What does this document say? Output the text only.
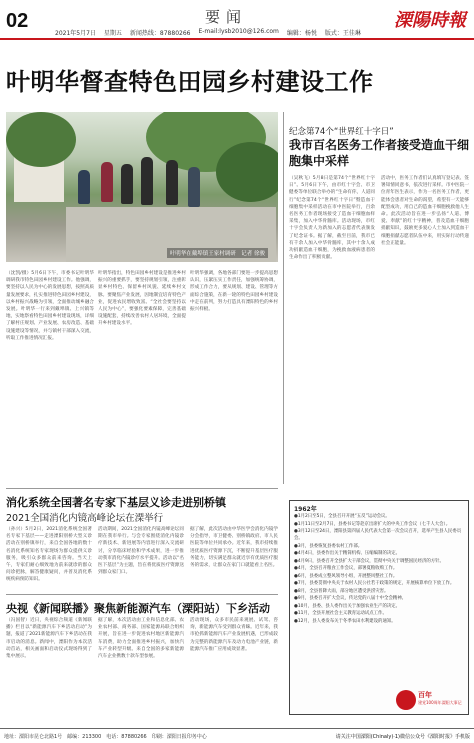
02	要闻	溧陽時報
2021年5月7日 星期五 新闻热线：87880266 E-mail:lysb2010@126.com 编辑：杨悦 版式：王佳琳
叶明华督查特色田园乡村建设工作
叶明华在戴埠镇王家村调研　记者 徐骏
（沈凯/摄）5月6日下午，市委书记叶明华调研我市特色田园乡村建设工作。他强调，要坚持以人民为中心的发展思想，按照高质量发展要求，扎实推进特色田园乡村建设，以乡村振兴战略为引领，全面推动城乡融合发展。叶明华一行来到戴埠镇、上兴镇等地，实地察看特色田园乡村建设现场，详细了解村庄规划、产业发展、农房改造、基础设施建设等情况，并与镇村干部深入交流，听取工作推进情况汇报。
叶明华指出，特色田园乡村建设是推进乡村振兴的重要抓手，要坚持规划引领，注重彰显乡村特色、保留乡村风貌、延续乡村文脉。要聚焦产业发展，因地制宜培育特色产业，促进农民增收致富。“全社会要坚持以人民为中心”，要强化要素保障，完善基础设施配套，持续改善农村人居环境，全面提升乡村建设水平。
叶明华强调，各地各部门要进一步提高思想认识，压紧压实工作责任，加强统筹协调，形成工作合力，要从规划、建设、管理等方面综合施策，在新一轮的特色田园乡村建设中走在前列，努力打造具有溧阳特色的乡村振兴样板。
纪念第74个“世界红十字日”
我市百名医务工作者接受造血干细胞集中采样
（吴秋飞）5月8日是第74个“世界红十字日”。5月6日下午，由市红十字会、市卫健委等单位联合举办的“生命有你，人道同行”纪念第74个“世界红十字日”暨造血干细胞集中采样活动在市中医院举行，百余名医务工作者现场接受了造血干细胞血样采集，加入中华骨髓库。活动现场，市红十字会负责人为新加入的志愿者代表颁发了纪念证书。据了解，截至目前，我市已有千余人加入中华骨髓库，其中十余人成功捐献造血干细胞，为挽救血液病患者的生命作出了积极贡献。
活动中，医务工作者们认真填写登记表、签署知情同意书，依次进行采样。市中医院一位青年医生表示，作为一名医务工作者，更能体会患者对生命的渴望，希望有一天能够配型成功，用自己的造血干细胞挽救他人生命。此次活动旨在进一步弘扬“人道、博爱、奉献”的红十字精神，普及造血干细胞捐献知识，鼓励更多爱心人士加入到造血干细胞捐献志愿者队伍中来，用实际行动传递社会正能量。
消化系统全国著名专家下基层义诊走进别桥镇
2021全国消化内镜高峰论坛在溧举行
（孙兴）5月2日，2021消化系统全国著名专家下基层——走进溧阳别桥大型义诊活动在别桥镇举行，来自全国各地的数十名消化系统知名专家现场为群众提供义诊服务，吸引众多群众前来咨询。当天上午，专家们耐心细致地为前来就诊的群众问诊把脉，解答健康疑问，并普及消化系统疾病预防知识。
活动期间，2021全国消化内镜高峰论坛同期在我市举行。与会专家围绕消化内镜诊疗新技术、新进展等内容进行深入交流研讨，分享临床经验和学术成果，进一步推动我市消化内镜诊疗水平提升。活动以“名医下基层”为主题，旨在将优质医疗资源送到群众家门口。
据了解，此次活动由中华医学会消化内镜学分会指导，市卫健委、别桥镇政府、市人民医院等单位共同承办。近年来，我市持续推进优质医疗资源下沉，不断提升基层医疗服务能力，切实满足群众就近享有优质医疗服务的需求，让群众在家门口就能看上名医。
央视《新闻联播》聚焦新能源汽车（溧阳站）下乡活动
（冯国智）近日，央视综合频道《新闻联播》栏目以“新能源汽车下乡活动启动”为题，报道了2021新能源汽车下乡活动在我市启动的消息。新闻中，溧阳作为本次活动首站，相关画面和启动仪式现场得到了集中展示。
据了解，本次活动由工业和信息化部、农业农村部、商务部、国家能源局联合组织开展，旨在进一步促进农村地区新能源汽车消费，助力全面推进乡村振兴，加快汽车产业转型升级。来自全国的多家新能源汽车企业携数十款车型参展。
活动现场，众多市民前来观展、试驾、咨询，新能源汽车受到群众青睐。近年来，我市抢抓新能源汽车产业发展机遇，已形成较为完整的新能源汽车及动力电池产业链，新能源汽车推广应用成效显著。
1962年
●1月2日至5日，全县召开开展“五反”运动会议。
●1月11日至2月7日，县委书记等赴京出席扩大的中央工作会议（七千人大会）。
●3月12日至24日，溧阳县第四届人民代表大会第一次会议召开，选举产生县人民委员会。
●3月，县委恢复县委农村工作部。
●4月4日，县委作出关于精简机构、压缩编制的决定。
●4月9日，县委召开全县扩大干部会议，贯彻中央关于调整国民经济的方针。
●4月，全县召开粮食工作会议，部署夏粮收购工作。
●6月，县委成立整风领导小组，开展整风整社工作。
●7月，县委贯彻中央关于农村人民公社若干政策的规定，开展核算单位下放工作。
●8月，全县普降大雨，部分地区遭受洪涝灾害。
●9月，县委召开扩大会议，传达党的八届十中全会精神。
●10月，县委、县人委作出关于加强农业生产的决定。
●11月，全县开展社会主义教育运动试点工作。
●12月，县人委发布关于冬季农田水利建设的通知。
百年
建党100周年溧阳大事记
地址：溧阳市昆仑北路1号　邮编：213300　电话：87880266　印刷：溧阳日报印务中心	请关注中国溧阳(Chinaly)·1)微信公众号《溧阳时报》手机版
